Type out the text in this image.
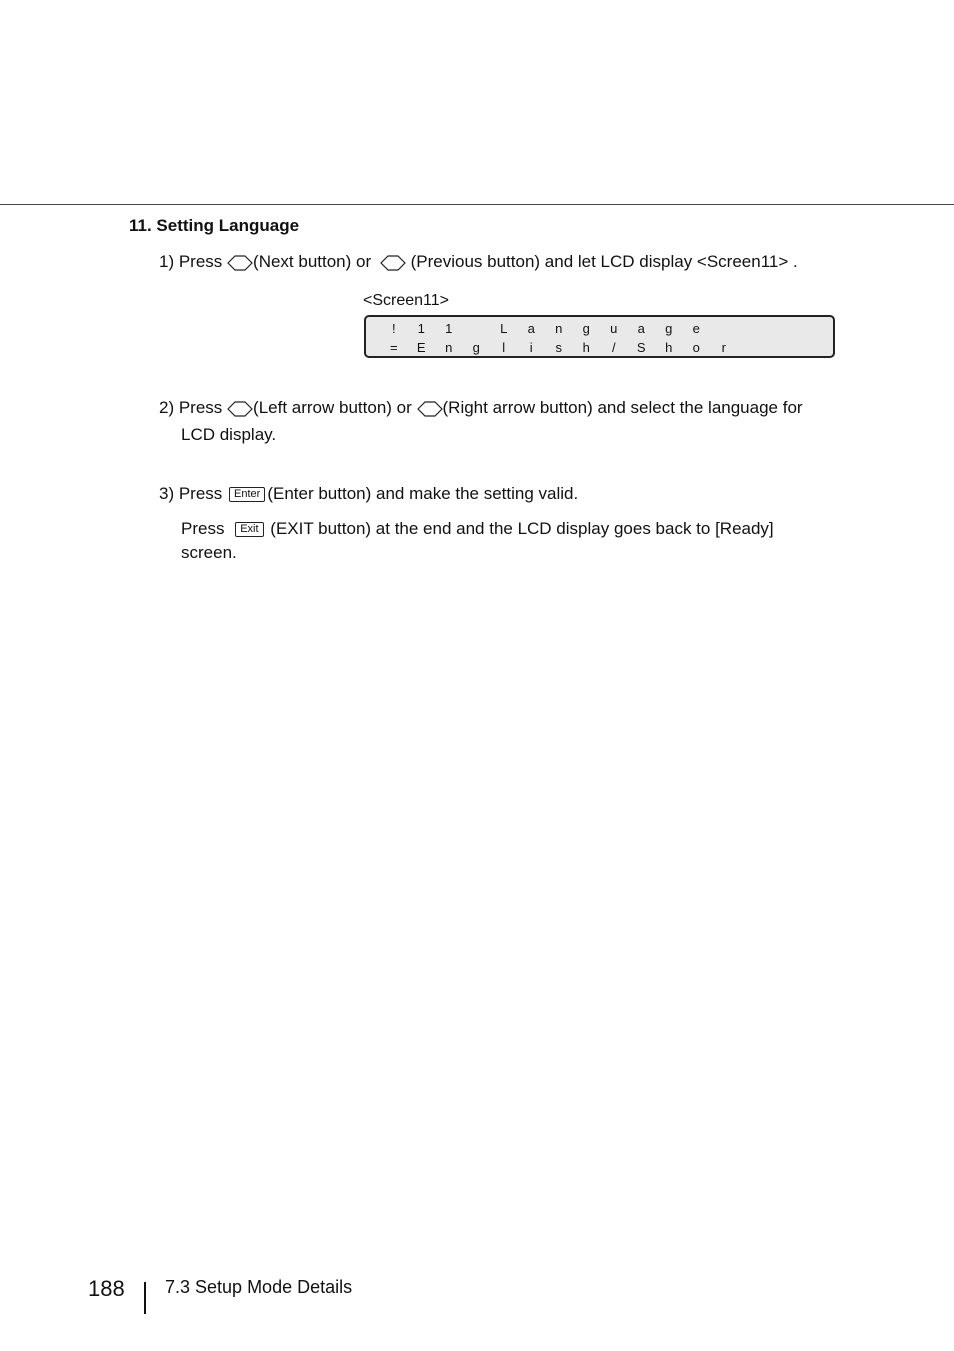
11. Setting Language
1) Press (Next button) or (Previous button) and let LCD display <Screen11> .
<Screen11>
! 1 1	L a n g u a g e
= E n g l i s h / S h o r
2) Press (Left arrow button) or (Right arrow button) and select the language for
LCD display.
3) Press Enter (Enter button) and make the setting valid.
Press Exit (EXIT button) at the end and the LCD display goes back to [Ready]
screen.
188 7.3 Setup Mode Details
